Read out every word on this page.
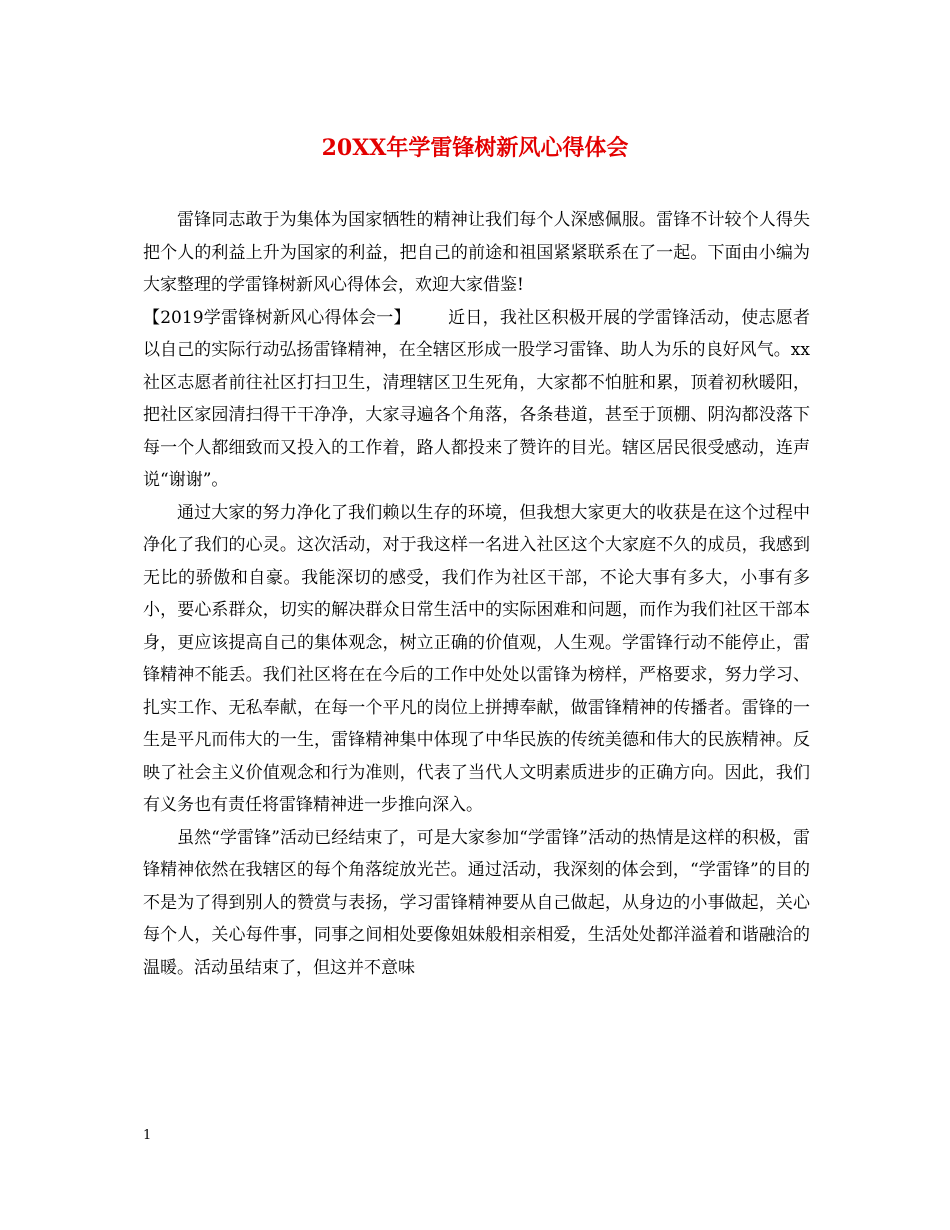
20XX年学雷锋树新风心得体会

雷锋同志敢于为集体为国家牺牲的精神让我们每个人深感佩服。雷锋不计较个人得失把个人的利益上升为国家的利益，把自己的前途和祖国紧紧联系在了一起。下面由小编为大家整理的学雷锋树新风心得体会，欢迎大家借鉴!

【2019学雷锋树新风心得体会一】 近日，我社区积极开展的学雷锋活动，使志愿者以自己的实际行动弘扬雷锋精神，在全辖区形成一股学习雷锋、助人为乐的良好风气。xx社区志愿者前往社区打扫卫生，清理辖区卫生死角，大家都不怕脏和累，顶着初秋暖阳，把社区家园清扫得干干净净，大家寻遍各个角落，各条巷道，甚至于顶棚、阴沟都没落下每一个人都细致而又投入的工作着，路人都投来了赞许的目光。辖区居民很受感动，连声说“谢谢”。

通过大家的努力净化了我们赖以生存的环境，但我想大家更大的收获是在这个过程中净化了我们的心灵。这次活动，对于我这样一名进入社区这个大家庭不久的成员，我感到无比的骄傲和自豪。我能深切的感受，我们作为社区干部，不论大事有多大，小事有多小，要心系群众，切实的解决群众日常生活中的实际困难和问题，而作为我们社区干部本身，更应该提高自己的集体观念，树立正确的价值观，人生观。学雷锋行动不能停止，雷锋精神不能丢。我们社区将在在今后的工作中处处以雷锋为榜样，严格要求，努力学习、扎实工作、无私奉献，在每一个平凡的岗位上拼搏奉献，做雷锋精神的传播者。雷锋的一生是平凡而伟大的一生，雷锋精神集中体现了中华民族的传统美德和伟大的民族精神。反映了社会主义价值观念和行为准则，代表了当代人文明素质进步的正确方向。因此，我们有义务也有责任将雷锋精神进一步推向深入。

虽然“学雷锋”活动已经结束了，可是大家参加“学雷锋”活动的热情是这样的积极，雷锋精神依然在我辖区的每个角落绽放光芒。通过活动，我深刻的体会到，“学雷锋”的目的不是为了得到别人的赞赏与表扬，学习雷锋精神要从自己做起，从身边的小事做起，关心每个人，关心每件事，同事之间相处要像姐妹般相亲相爱，生活处处都洋溢着和谐融洽的温暖。活动虽结束了，但这并不意味

1
